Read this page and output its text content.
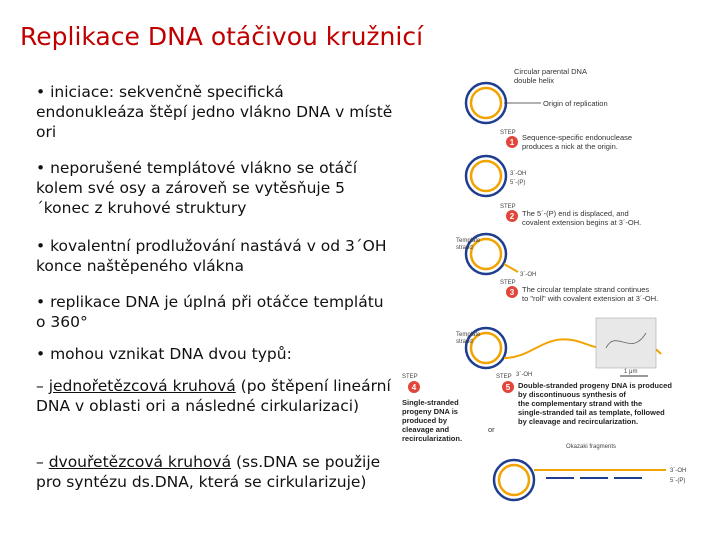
Replikace DNA otáčivou kružnicí
• iniciace: sekvenčně specifická endonukleáza štěpí jedno vlákno DNA v místě ori
• neporušené templátové vlákno se otáčí kolem své osy a zároveň se vytěsňuje 5´konec z kruhové struktury
• kovalentní prodlužování nastává v od 3´OH konce naštěpeného vlákna
• replikace DNA je úplná při otáčce templátu o 360°
• mohou vznikat DNA dvou typů:
– jednořetězcová kruhová (po štěpení lineární DNA v oblasti ori a následné cirkularizaci)
– dvouřetězcová kruhová (ss.DNA se použije pro syntézu ds.DNA, která se cirkularizuje)
Circular parental DNA
double helix
Origin of replication
STEP
1
Sequence-specific endonuclease
produces a nick at the origin.
3´-OH
5´-(P)
STEP
2 The 5´-(P) end is displaced, and
covalent extension begins at 3´-OH.
Template
strand
3´-OH
STEP
3 The circular template strand continues
to "roll" with covalent extension at 3´-OH.
Template
strand
3´-OH	1 μm
STEP
4
Single-stranded
progeny DNA is
produced by
cleavage and
recircularization.
or
STEP
5 Double-stranded progeny DNA is produced
by discontinuous synthesis of
the complementary strand with the
single-stranded tail as template, followed
by cleavage and recircularization.
Okazaki fragments
3´-OH
5´-(P)
